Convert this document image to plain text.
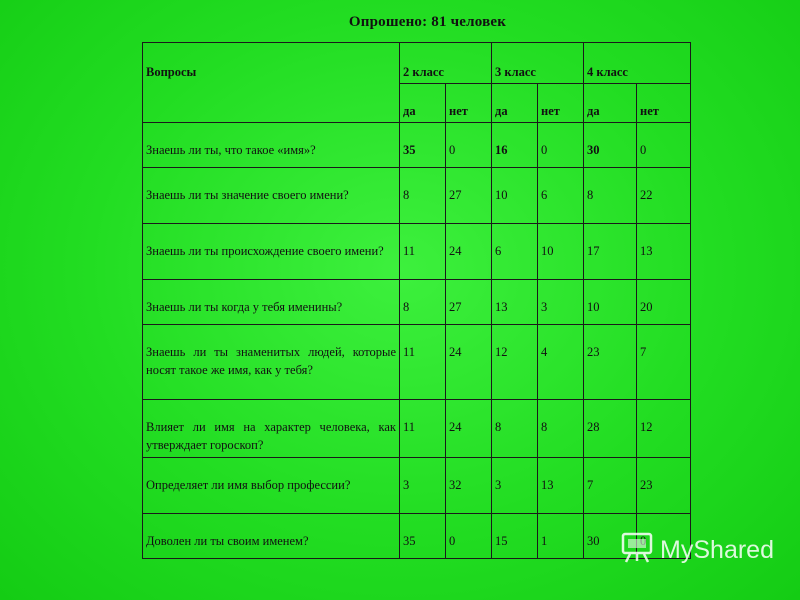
Опрошено: 81 человек
Вопросы	2 класс		3 класс		4 класс	
	да	нет	да	нет	да	нет
Знаешь ли ты, что такое «имя»?	35	0	16	0	30	0
Знаешь ли ты значение своего имени?	8	27	10	6	8	22
Знаешь ли ты происхождение своего имени?	11	24	6	10	17	13
Знаешь ли ты когда у тебя именины?	8	27	13	3	10	20
Знаешь ли ты знаменитых людей, которые носят такое же имя, как у тебя?	11	24	12	4	23	7
Влияет ли имя на характер человека, как утверждает гороскоп?	11	24	8	8	28	12
Определяет ли имя выбор профессии?	3	32	3	13	7	23
Доволен ли ты своим именем?	35	0	15	1	30	MyShared
